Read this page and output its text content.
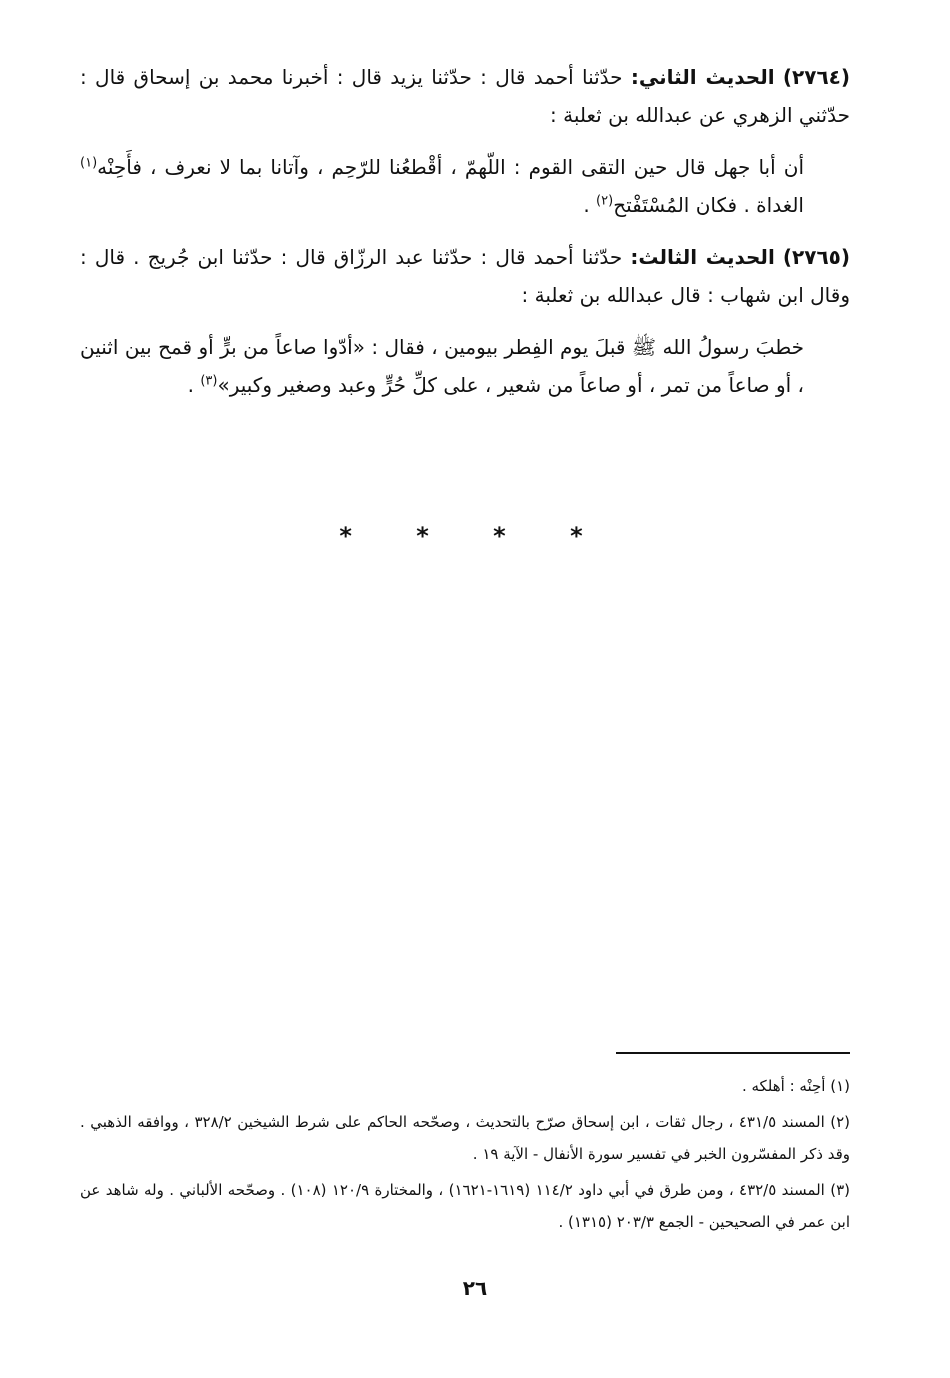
(٢٧٦٤) الحديث الثاني: حدّثنا أحمد قال : حدّثنا يزيد قال : أخبرنا محمد بن إسحاق قال : حدّثني الزهري عن عبدالله بن ثعلبة :

أن أبا جهل قال حين التقى القوم : اللّهمّ ، أقْطعُنا للرّحِم ، وآتانا بما لا نعرف ، فأَحِنْه$^{(١)}$ الغداة . فكان المُسْتَفْتح$^{(٢)}$ .

(٢٧٦٥) الحديث الثالث: حدّثنا أحمد قال : حدّثنا عبد الرزّاق قال : حدّثنا ابن جُريج . قال : وقال ابن شهاب : قال عبدالله بن ثعلبة :

خطبَ رسولُ الله ﷺ قبلَ يوم الفِطر بيومين ، فقال : «أدّوا صاعاً من برٍّ أو قمح بين اثنين ، أو صاعاً من تمر ، أو صاعاً من شعير ، على كلِّ حُرٍّ وعبد وصغير وكبير»$^{(٣)}$ .

* * * *
(١) أحِنْه : أهلكه .
(٢) المسند ٤٣١/٥ ، رجال ثقات ، ابن إسحاق صرّح بالتحديث ، وصحّحه الحاكم على شرط الشيخين ٣٢٨/٢ ، ووافقه الذهبي . وقد ذكر المفسّرون الخبر في تفسير سورة الأنفال - الآية ١٩ .
(٣) المسند ٤٣٢/٥ ، ومن طرق في أبي داود ١١٤/٢ (١٦١٩-١٦٢١) ، والمختارة ١٢٠/٩ (١٠٨) . وصحّحه الألباني . وله شاهد عن ابن عمر في الصحيحين - الجمع ٢٠٣/٣ (١٣١٥) .
٢٦
